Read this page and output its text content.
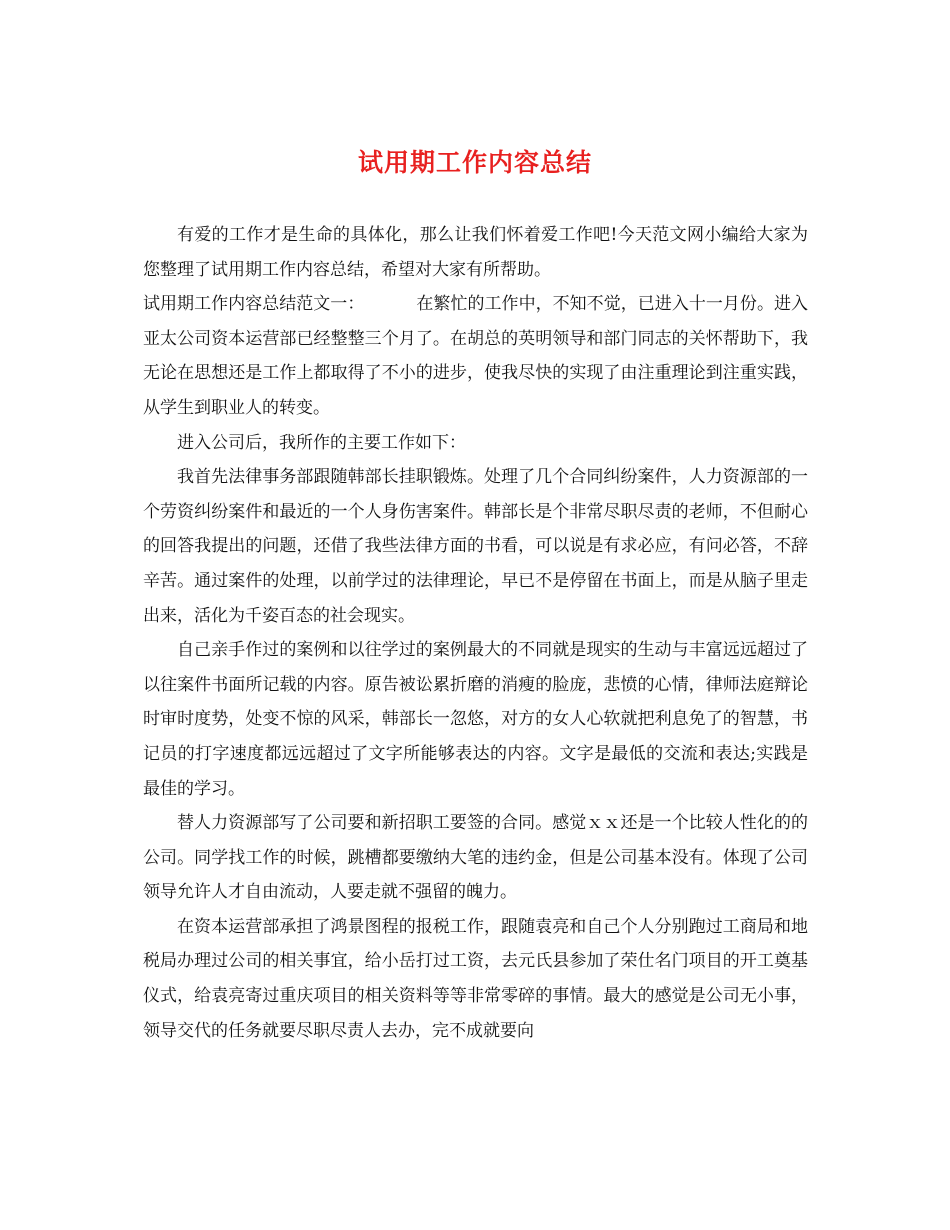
试用期工作内容总结

有爱的工作才是生命的具体化，那么让我们怀着爱工作吧!今天范文网小编给大家为您整理了试用期工作内容总结，希望对大家有所帮助。

试用期工作内容总结范文一：	在繁忙的工作中，不知不觉，已进入十一月份。进入亚太公司资本运营部已经整整三个月了。在胡总的英明领导和部门同志的关怀帮助下，我无论在思想还是工作上都取得了不小的进步，使我尽快的实现了由注重理论到注重实践，从学生到职业人的转变。

进入公司后，我所作的主要工作如下：

我首先法律事务部跟随韩部长挂职锻炼。处理了几个合同纠纷案件，人力资源部的一个劳资纠纷案件和最近的一个人身伤害案件。韩部长是个非常尽职尽责的老师，不但耐心的回答我提出的问题，还借了我些法律方面的书看，可以说是有求必应，有问必答，不辞辛苦。通过案件的处理，以前学过的法律理论，早已不是停留在书面上，而是从脑子里走出来，活化为千姿百态的社会现实。

自己亲手作过的案例和以往学过的案例最大的不同就是现实的生动与丰富远远超过了以往案件书面所记载的内容。原告被讼累折磨的消瘦的脸庞，悲愤的心情，律师法庭辩论时审时度势，处变不惊的风采，韩部长一忽悠，对方的女人心软就把利息免了的智慧，书记员的打字速度都远远超过了文字所能够表达的内容。文字是最低的交流和表达;实践是最佳的学习。

替人力资源部写了公司要和新招职工要签的合同。感觉ｘｘ还是一个比较人性化的的公司。同学找工作的时候，跳槽都要缴纳大笔的违约金，但是公司基本没有。体现了公司领导允许人才自由流动，人要走就不强留的魄力。

在资本运营部承担了鸿景图程的报税工作，跟随袁亮和自己个人分别跑过工商局和地税局办理过公司的相关事宜，给小岳打过工资，去元氏县参加了荣仕名门项目的开工奠基仪式，给袁亮寄过重庆项目的相关资料等等非常零碎的事情。最大的感觉是公司无小事，领导交代的任务就要尽职尽责人去办，完不成就要向
